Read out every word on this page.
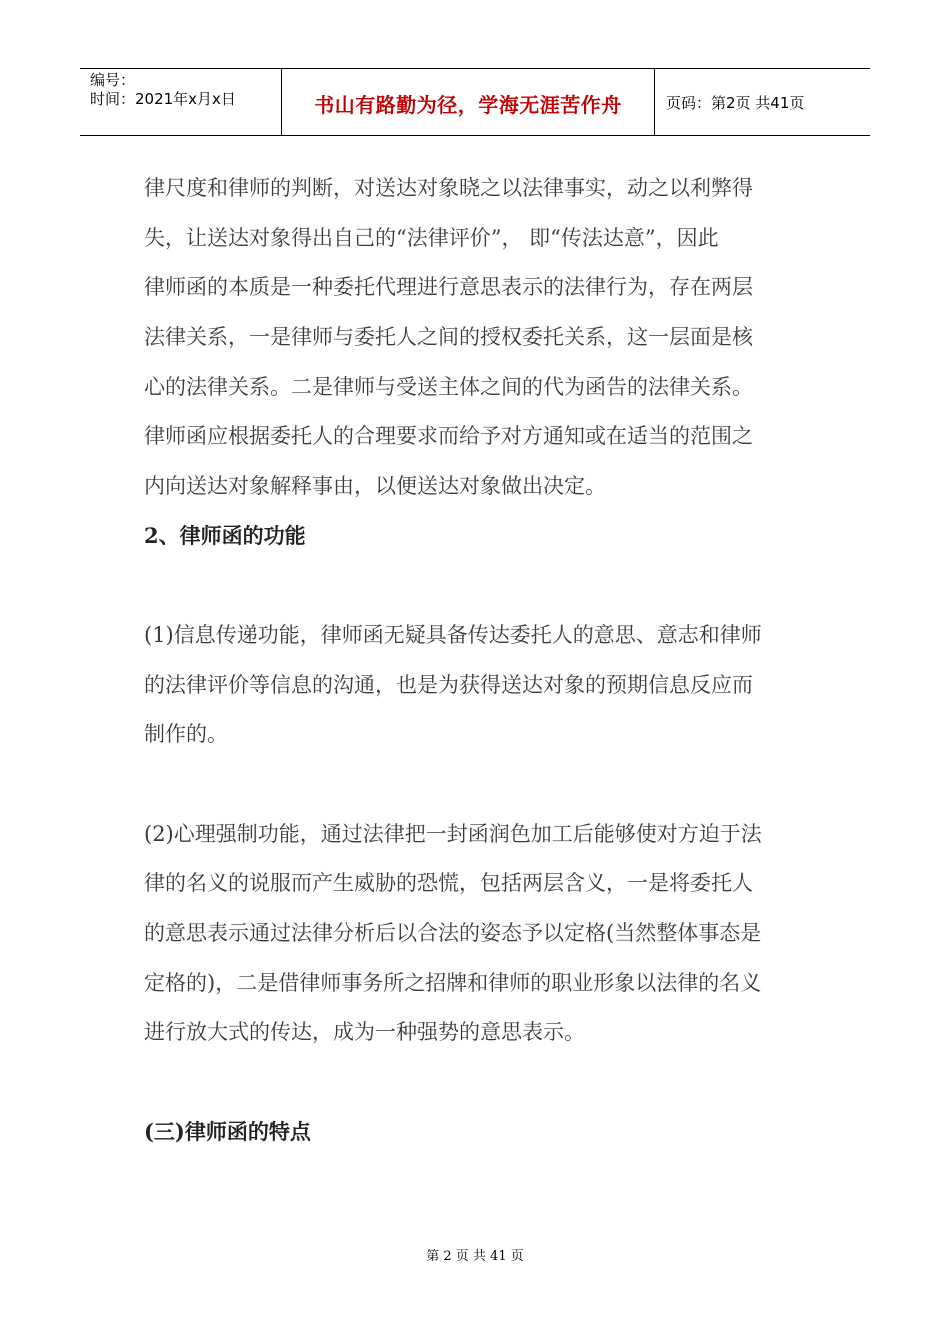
编号：
时间：2021年x月x日	书山有路勤为径，学海无涯苦作舟	页码：第2页 共41页
律尺度和律师的判断，对送达对象晓之以法律事实，动之以利弊得
失，让送达对象得出自己的“法律评价”， 即“传法达意”，因此
律师函的本质是一种委托代理进行意思表示的法律行为，存在两层
法律关系，一是律师与委托人之间的授权委托关系，这一层面是核
心的法律关系。二是律师与受送主体之间的代为函告的法律关系。
律师函应根据委托人的合理要求而给予对方通知或在适当的范围之
内向送达对象解释事由，以便送达对象做出决定。
2、律师函的功能
(1)信息传递功能，律师函无疑具备传达委托人的意思、意志和律师
的法律评价等信息的沟通，也是为获得送达对象的预期信息反应而
制作的。
(2)心理强制功能，通过法律把一封函润色加工后能够使对方迫于法
律的名义的说服而产生威胁的恐慌，包括两层含义，一是将委托人
的意思表示通过法律分析后以合法的姿态予以定格(当然整体事态是
定格的)，二是借律师事务所之招牌和律师的职业形象以法律的名义
进行放大式的传达，成为一种强势的意思表示。
(三)律师函的特点
第 2 页 共 41 页
